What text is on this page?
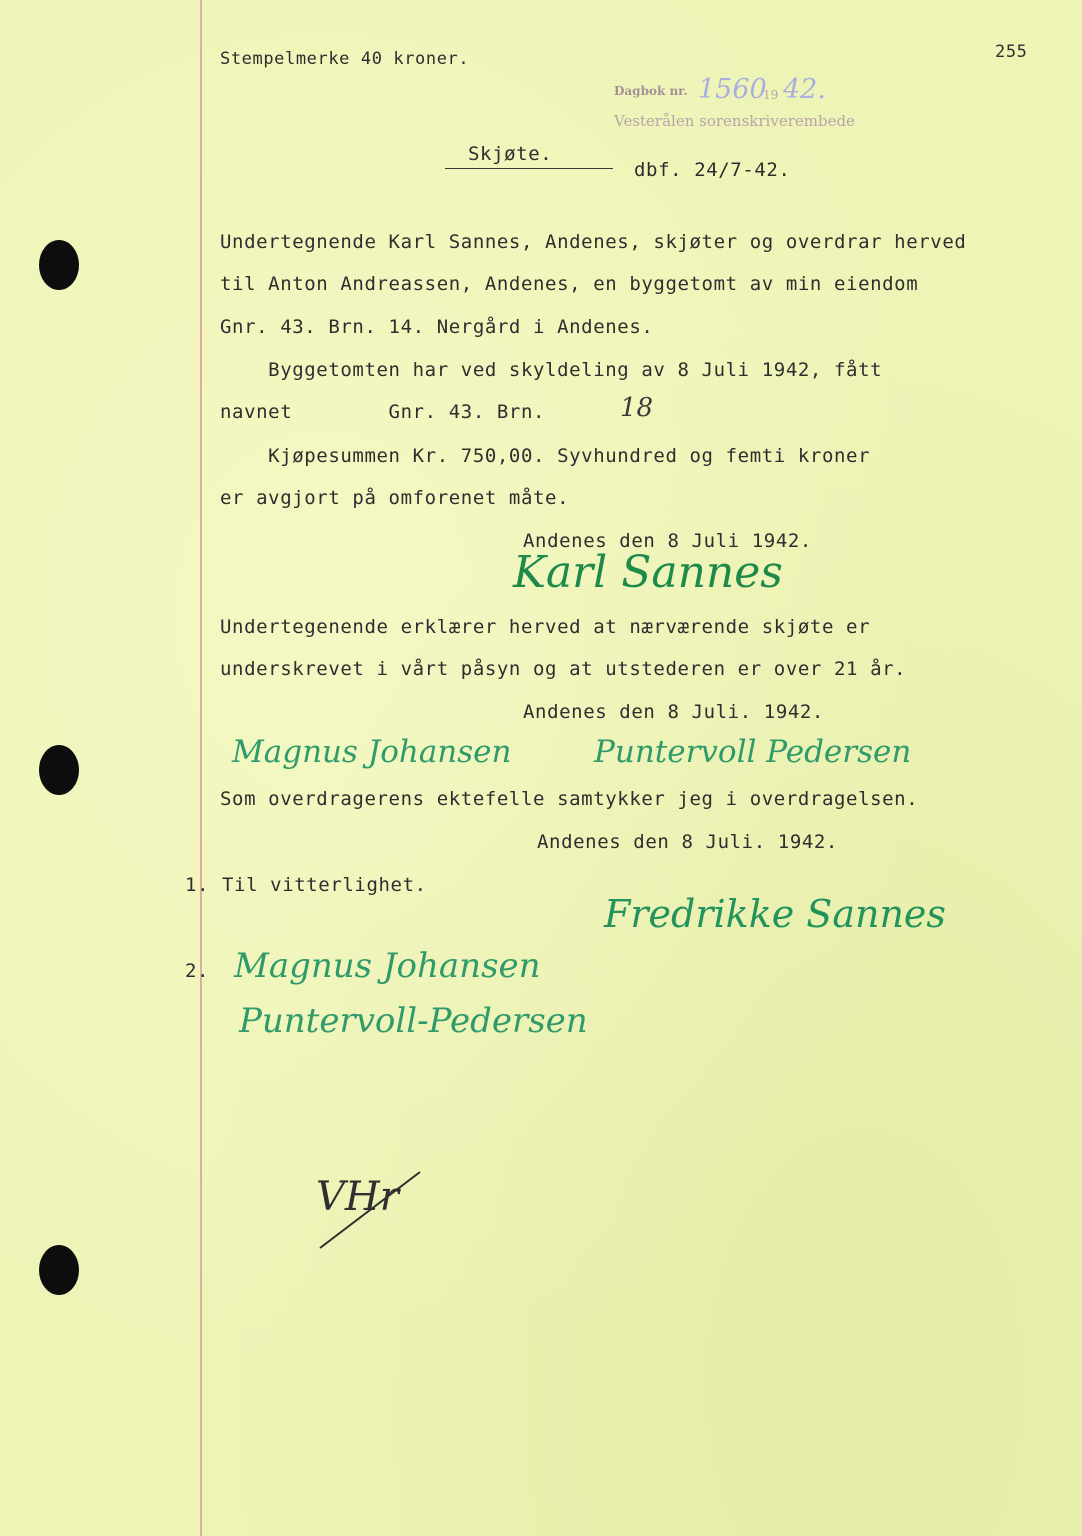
Stempelmerke 40 kroner.	255
Dagbok nr. 1560
19 42.
Vesterålen sorenskriverembede
Skjøte.
dbf. 24/7-42.
Undertegnende Karl Sannes, Andenes, skjøter og overdrar herved
til Anton Andreassen, Andenes, en byggetomt av min eiendom
Gnr. 43. Brn. 14. Nergård i Andenes.
Byggetomten har ved skyldeling av 8 Juli 1942, fått
navnet        Gnr. 43. Brn.	18
Kjøpesummen Kr. 750,00. Syvhundred og femti kroner
er avgjort på omforenet måte.
Andenes den 8 Juli 1942.
Karl Sannes
Undertegenende erklærer herved at nærværende skjøte er
underskrevet i vårt påsyn og at utstederen er over 21 år.
Andenes den 8 Juli. 1942.
Magnus Johansen	Puntervoll Pedersen
Som overdragerens ektefelle samtykker jeg i overdragelsen.
Andenes den 8 Juli. 1942.
1. Til vitterlighet.
Fredrikke Sannes
2. Magnus Johansen
Puntervoll-Pedersen
VHr
